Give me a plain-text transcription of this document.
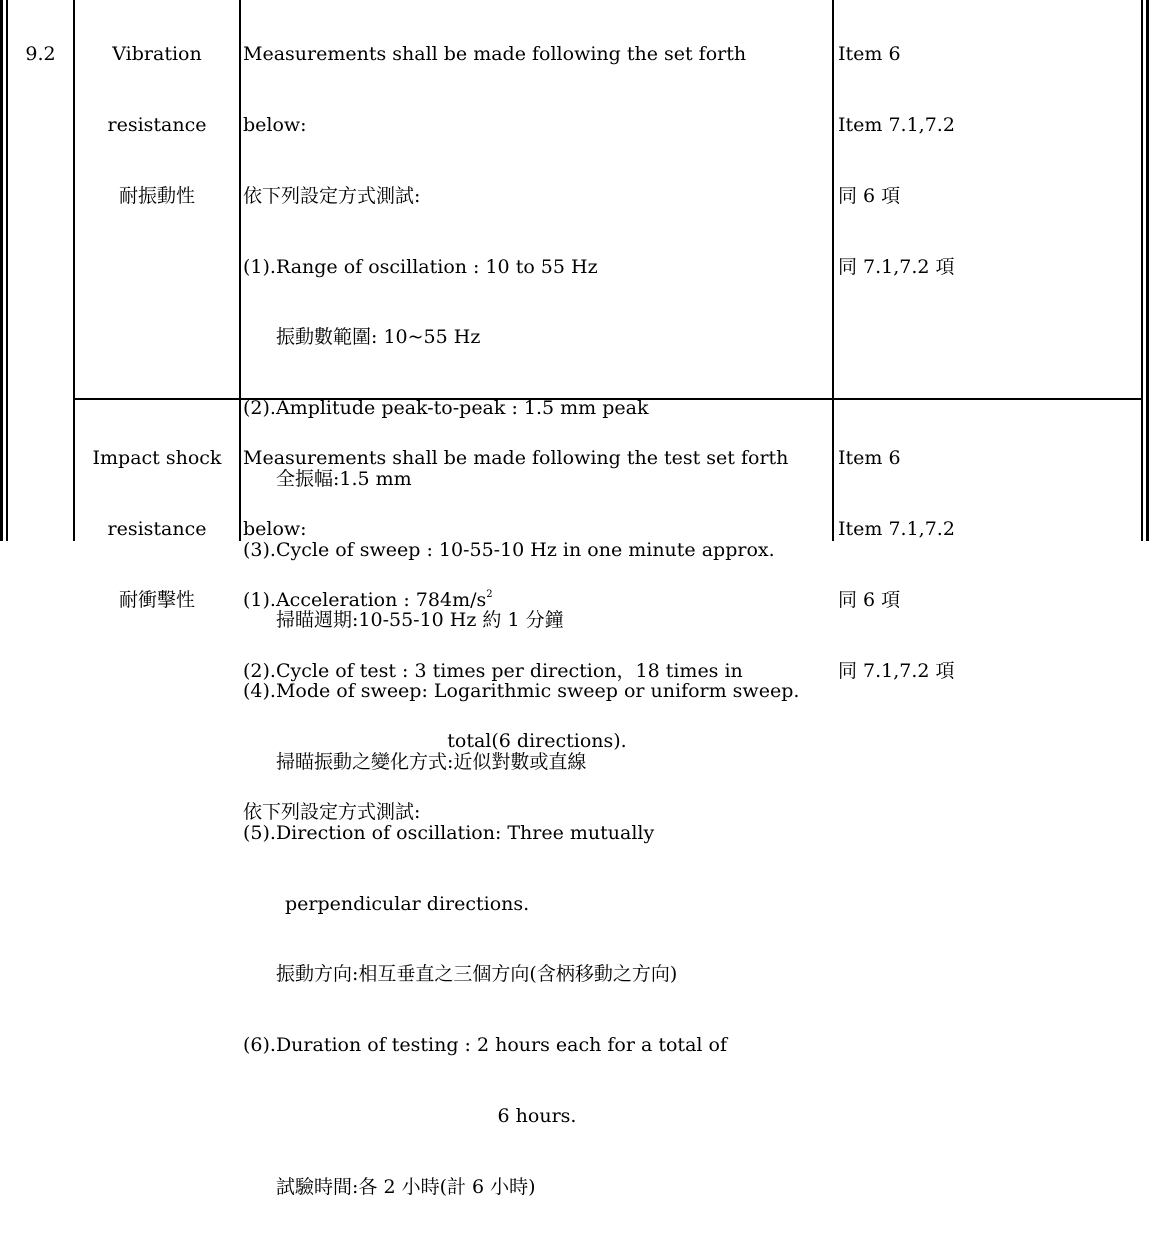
9.2

	Vibration

resistance

耐振動性

Measurements shall be made following the set forth

below:

依下列設定方式測試:

(1).Range of oscillation : 10 to 55 Hz

振動數範圍: 10~55 Hz

(2).Amplitude peak-to-peak : 1.5 mm peak

全振幅:1.5 mm

(3).Cycle of sweep : 10-55-10 Hz in one minute approx.

掃瞄週期:10-55-10 Hz 約 1 分鐘

(4).Mode of sweep: Logarithmic sweep or uniform sweep.

掃瞄振動之變化方式:近似對數或直線

(5).Direction of oscillation: Three mutually

perpendicular directions.

振動方向:相互垂直之三個方向(含柄移動之方向)

(6).Duration of testing : 2 hours each for a total of

6 hours.

試驗時間:各 2 小時(計 6 小時)

Item 6

Item 7.1,7.2

同 6 項

同 7.1,7.2 項

Impact shock

resistance

耐衝擊性

Measurements shall be made following the test set forth

below:

(1).Acceleration : $784m/s^2$

(2).Cycle of test : 3 times per direction，18 times in

total(6 directions).

依下列設定方式測試:

Item 6

Item 7.1,7.2

同 6 項

同 7.1,7.2 項
